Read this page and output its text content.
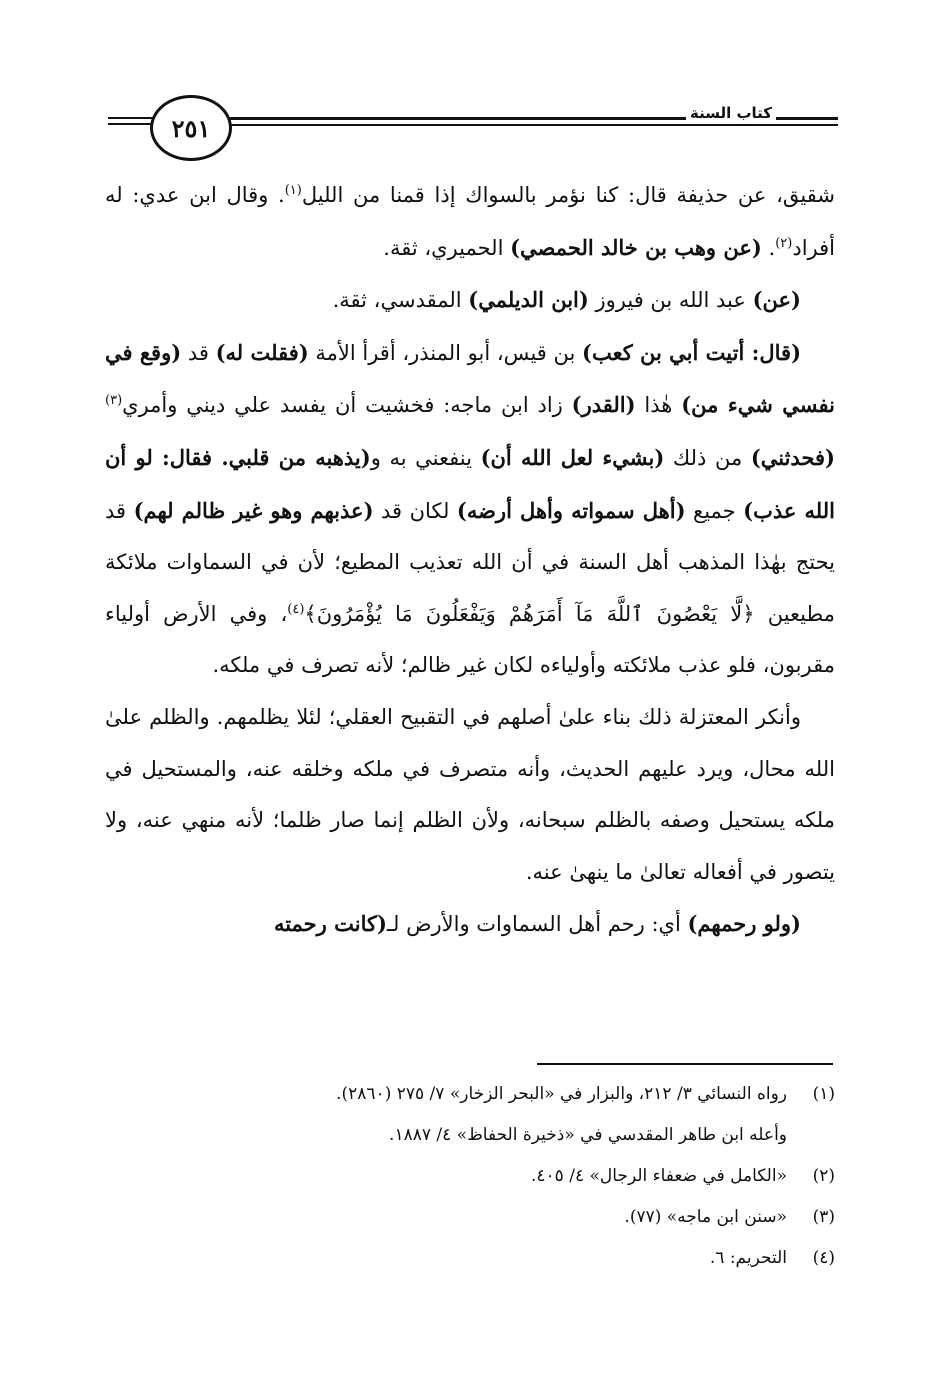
٢٥١
كتاب السنة

شقيق، عن حذيفة قال: كنا نؤمر بالسواك إذا قمنا من الليل$^{(١)}$. وقال ابن عدي: له أفراد$^{(٢)}$. (عن وهب بن خالد الحمصي) الحميري، ثقة.

(عن) عبد الله بن فيروز (ابن الديلمي) المقدسي، ثقة.

(قال: أتيت أبي بن كعب) بن قيس، أبو المنذر، أقرأ الأمة (فقلت له) قد (وقع في نفسي شيء من) هٰذا (القدر) زاد ابن ماجه: فخشيت أن يفسد علي ديني وأمري$^{(٣)}$ (فحدثني) من ذلك (بشيء لعل الله أن) ينفعني به و(يذهبه من قلبي. فقال: لو أن الله عذب) جميع (أهل سمواته وأهل أرضه) لكان قد (عذبهم وهو غير ظالم لهم) قد يحتج بهٰذا المذهب أهل السنة في أن الله تعذيب المطيع؛ لأن في السماوات ملائكة مطيعين ﴿لَّا يَعْصُونَ ٱللَّهَ مَآ أَمَرَهُمْ وَيَفْعَلُونَ مَا يُؤْمَرُونَ﴾$^{(٤)}$، وفي الأرض أولياء مقربون، فلو عذب ملائكته وأولياءه لكان غير ظالم؛ لأنه تصرف في ملكه.

وأنكر المعتزلة ذلك بناء علىٰ أصلهم في التقبيح العقلي؛ لئلا يظلمهم. والظلم علىٰ الله محال، ويرد عليهم الحديث، وأنه متصرف في ملكه وخلقه عنه، والمستحيل في ملكه يستحيل وصفه بالظلم سبحانه، ولأن الظلم إنما صار ظلما؛ لأنه منهي عنه، ولا يتصور في أفعاله تعالىٰ ما ينهىٰ عنه.

(ولو رحمهم) أي: رحم أهل السماوات والأرض لـ(كانت رحمته

(١)
رواه النسائي ٣/ ٢١٢، والبزار في «البحر الزخار» ٧/ ٢٧٥ (٢٨٦٠).
وأعله ابن طاهر المقدسي في «ذخيرة الحفاظ» ٤/ ١٨٨٧.
(٢)
«الكامل في ضعفاء الرجال» ٤/ ٤٠٥.
(٣)
«سنن ابن ماجه» (٧٧).
(٤)
التحريم: ٦.
